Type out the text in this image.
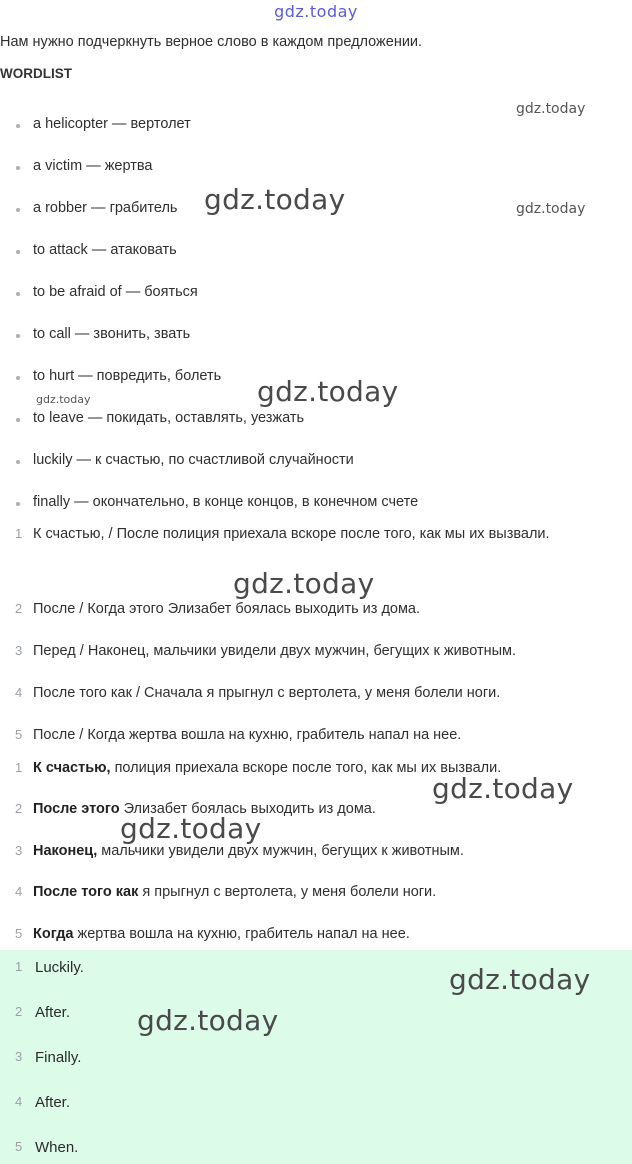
gdz.today
Нам нужно подчеркнуть верное слово в каждом предложении.
WORDLIST
a helicopter — вертолет
a victim — жертва
a robber — грабитель
to attack — атаковать
to be afraid of — бояться
to call — звонить, звать
to hurt — повредить, болеть
to leave — покидать, оставлять, уезжать
luckily — к счастью, по счастливой случайности
finally — окончательно, в конце концов, в конечном счете
1 К счастью, / После полиция приехала вскоре после того, как мы их вызвали.
2 После / Когда этого Элизабет боялась выходить из дома.
3 Перед / Наконец, мальчики увидели двух мужчин, бегущих к животным.
4 После того как / Сначала я прыгнул с вертолета, у меня болели ноги.
5 После / Когда жертва вошла на кухню, грабитель напал на нее.
1 К счастью, полиция приехала вскоре после того, как мы их вызвали.
2 После этого Элизабет боялась выходить из дома.
3 Наконец, мальчики увидели двух мужчин, бегущих к животным.
4 После того как я прыгнул с вертолета, у меня болели ноги.
5 Когда жертва вошла на кухню, грабитель напал на нее.
1 Luckily.
2 After.
3 Finally.
4 After.
5 When.
gdz.today
gdz.today	gdz.today
gdz.today
gdz.today
gdz.today
gdz.today
gdz.today
gdz.today
gdz.today
